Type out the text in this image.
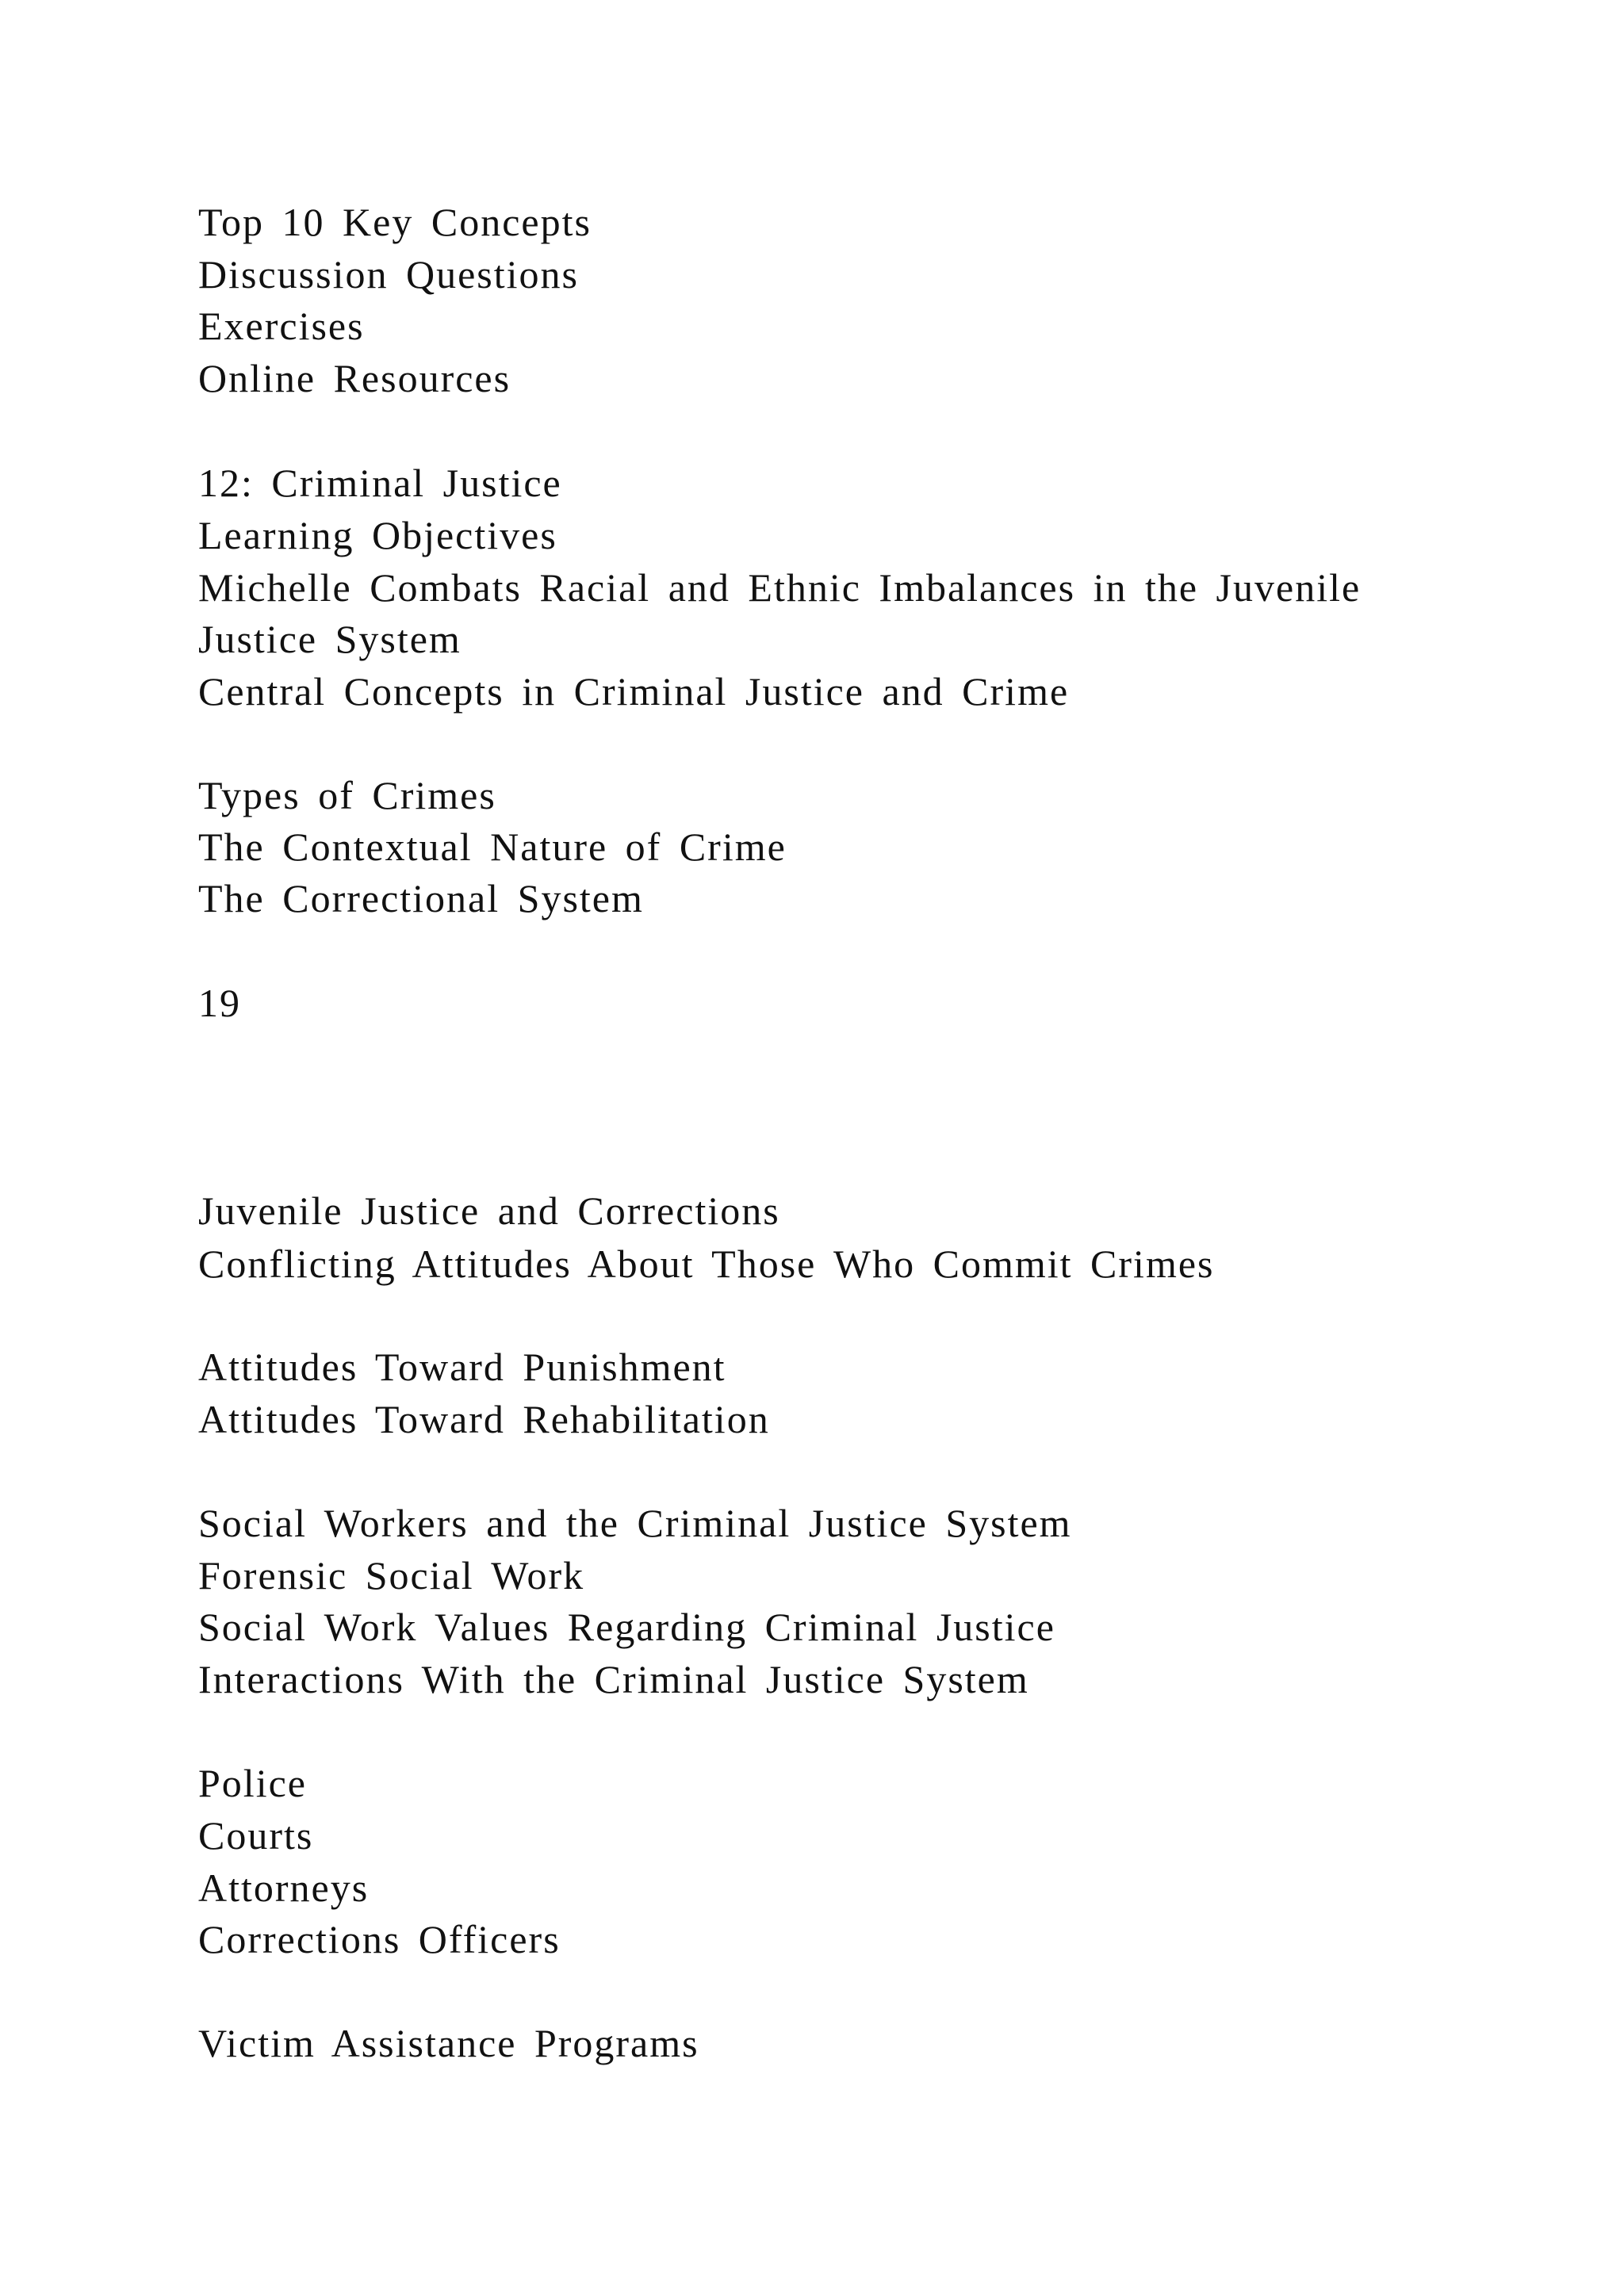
Top 10 Key Concepts
Discussion Questions
Exercises
Online Resources
12: Criminal Justice
Learning Objectives
Michelle Combats Racial and Ethnic Imbalances in the Juvenile
Justice System
Central Concepts in Criminal Justice and Crime
Types of Crimes
The Contextual Nature of Crime
The Correctional System
19
Juvenile Justice and Corrections
Conflicting Attitudes About Those Who Commit Crimes
Attitudes Toward Punishment
Attitudes Toward Rehabilitation
Social Workers and the Criminal Justice System
Forensic Social Work
Social Work Values Regarding Criminal Justice
Interactions With the Criminal Justice System
Police
Courts
Attorneys
Corrections Officers
Victim Assistance Programs
